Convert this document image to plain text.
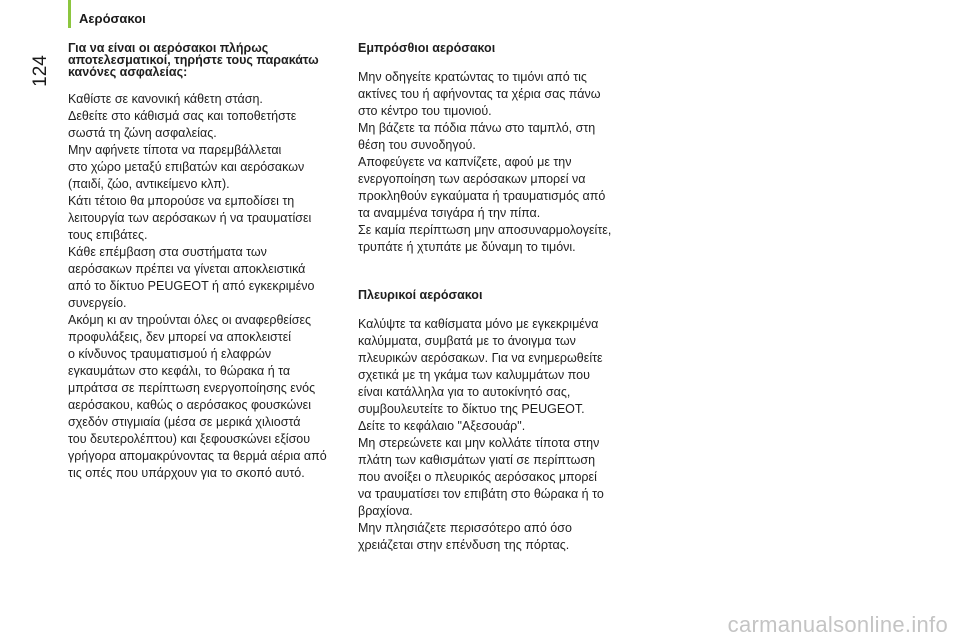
Αερόσακοι
124

Για να είναι οι αερόσακοι πλήρως αποτελεσματικοί, τηρήστε τους παρακάτω κανόνες ασφαλείας:

Καθίστε σε κανονική κάθετη στάση.
Δεθείτε στο κάθισμά σας και τοποθετήστε
σωστά τη ζώνη ασφαλείας.
Μην αφήνετε τίποτα να παρεμβάλλεται
στο χώρο μεταξύ επιβατών και αερόσακων
(παιδί, ζώο, αντικείμενο κλπ).
Κάτι τέτοιο θα μπορούσε να εμποδίσει τη
λειτουργία των αερόσακων ή να τραυματίσει
τους επιβάτες.
Κάθε επέμβαση στα συστήματα των
αερόσακων πρέπει να γίνεται αποκλειστικά
από το δίκτυο PEUGEOT ή από εγκεκριμένο
συνεργείο.
Ακόμη κι αν τηρούνται όλες οι αναφερθείσες
προφυλάξεις, δεν μπορεί να αποκλειστεί
ο κίνδυνος τραυματισμού ή ελαφρών
εγκαυμάτων στο κεφάλι, το θώρακα ή τα
μπράτσα σε περίπτωση ενεργοποίησης ενός
αερόσακου, καθώς ο αερόσακος φουσκώνει
σχεδόν στιγμιαία (μέσα σε μερικά χιλιοστά
του δευτερολέπτου) και ξεφουσκώνει εξίσου
γρήγορα απομακρύνοντας τα θερμά αέρια από
τις οπές που υπάρχουν για το σκοπό αυτό.

Εμπρόσθιοι αερόσακοι

Μην οδηγείτε κρατώντας το τιμόνι από τις
ακτίνες του ή αφήνοντας τα χέρια σας πάνω
στο κέντρο του τιμονιού.
Μη βάζετε τα πόδια πάνω στο ταμπλό, στη
θέση του συνοδηγού.
Αποφεύγετε να καπνίζετε, αφού με την
ενεργοποίηση των αερόσακων μπορεί να
προκληθούν εγκαύματα ή τραυματισμός από
τα αναμμένα τσιγάρα ή την πίπα.
Σε καμία περίπτωση μην αποσυναρμολογείτε,
τρυπάτε ή χτυπάτε με δύναμη το τιμόνι.

Πλευρικοί αερόσακοι

Καλύψτε τα καθίσματα μόνο με εγκεκριμένα
καλύμματα, συμβατά με το άνοιγμα των
πλευρικών αερόσακων. Για να ενημερωθείτε
σχετικά με τη γκάμα των καλυμμάτων που
είναι κατάλληλα για το αυτοκίνητό σας,
συμβουλευτείτε το δίκτυο της PEUGEOT.
Δείτε το κεφάλαιο "Αξεσουάρ".
Μη στερεώνετε και μην κολλάτε τίποτα στην
πλάτη των καθισμάτων γιατί σε περίπτωση
που ανοίξει ο πλευρικός αερόσακος μπορεί
να τραυματίσει τον επιβάτη στο θώρακα ή το
βραχίονα.
Μην πλησιάζετε περισσότερο από όσο
χρειάζεται στην επένδυση της πόρτας.
carmanualsonline.info
